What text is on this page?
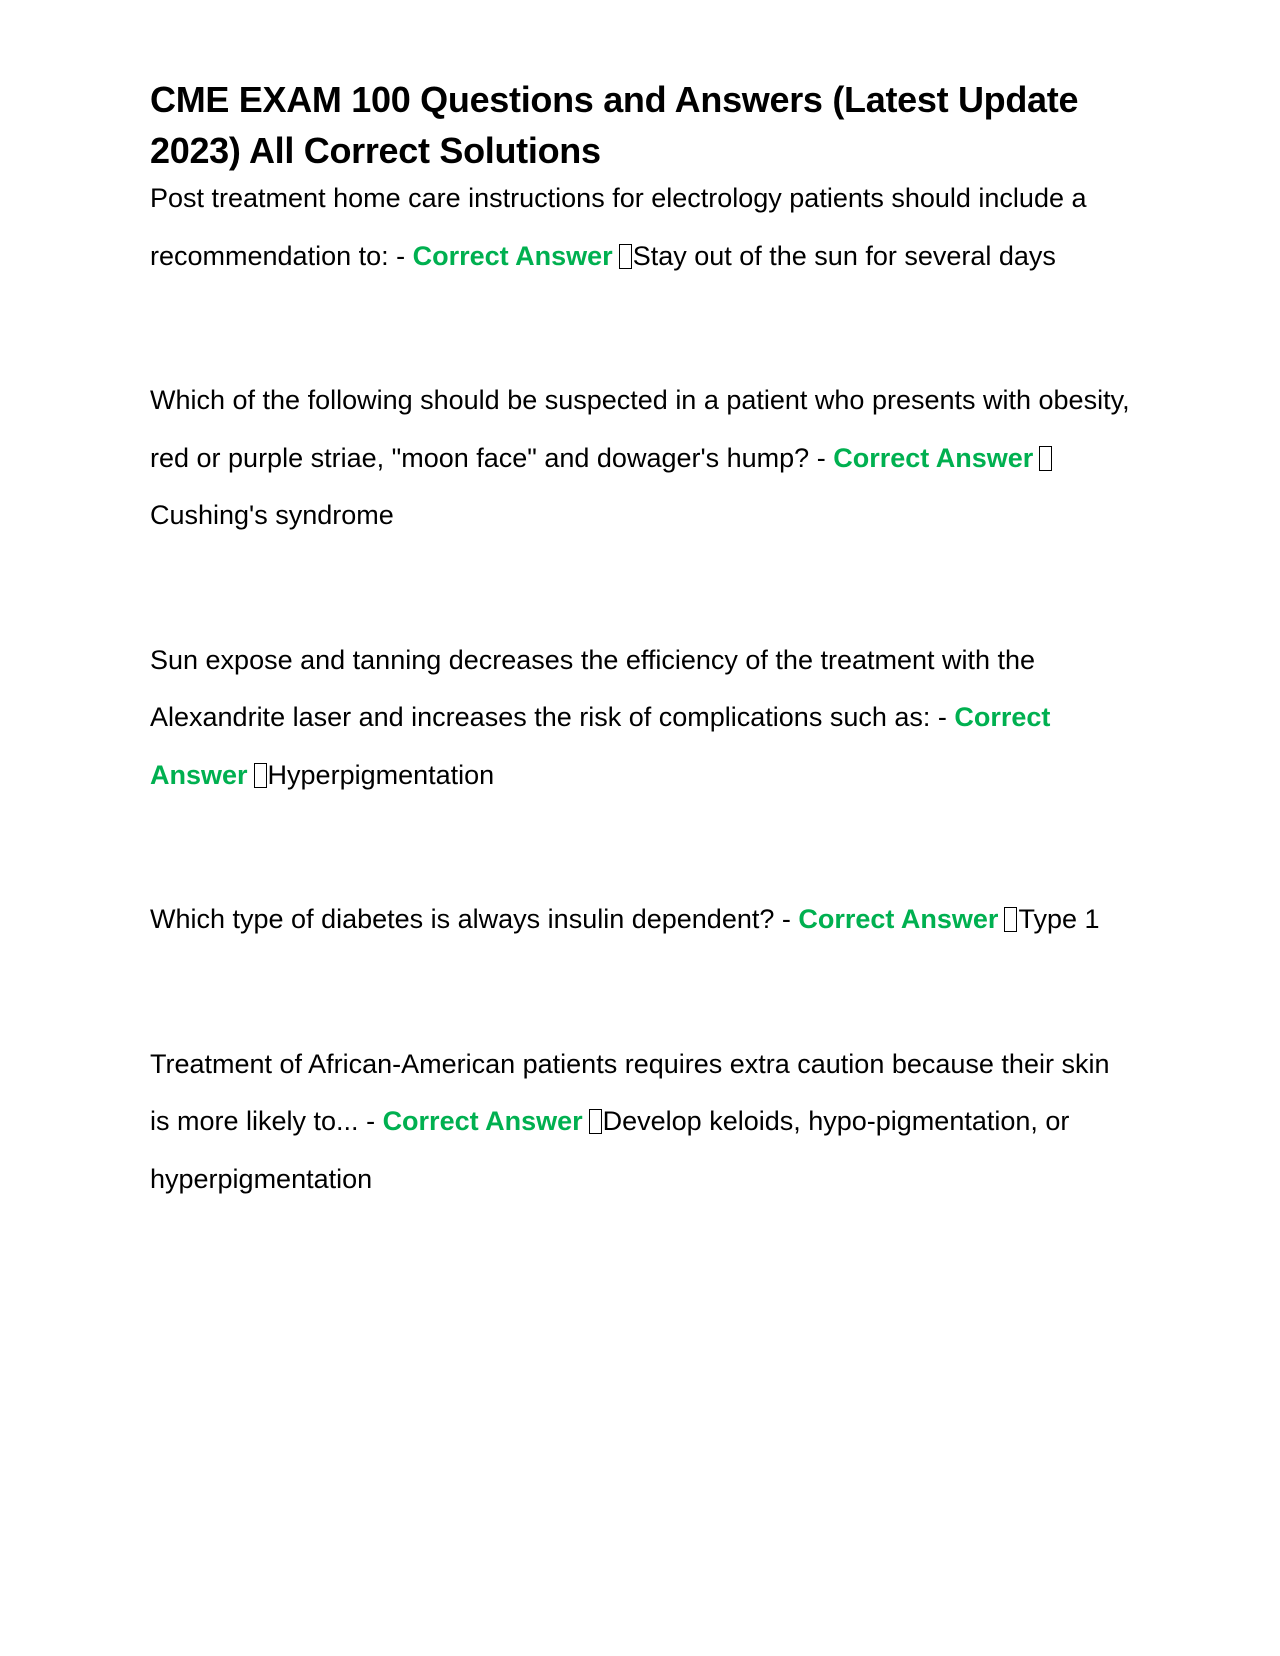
CME EXAM 100 Questions and Answers (Latest Update 2023) All Correct Solutions

Post treatment home care instructions for electrology patients should include a recommendation to: - Correct Answer Stay out of the sun for several days

Which of the following should be suspected in a patient who presents with obesity, red or purple striae, "moon face" and dowager's hump? - Correct AnswerCushing's syndrome

Sun expose and tanning decreases the efficiency of the treatment with the Alexandrite laser and increases the risk of complications such as: - Correct Answer Hyperpigmentation

Which type of diabetes is always insulin dependent? - Correct Answer Type 1

Treatment of African-American patients requires extra caution because their skin is more likely to... - Correct Answer Develop keloids, hypo-pigmentation, or hyperpigmentation
